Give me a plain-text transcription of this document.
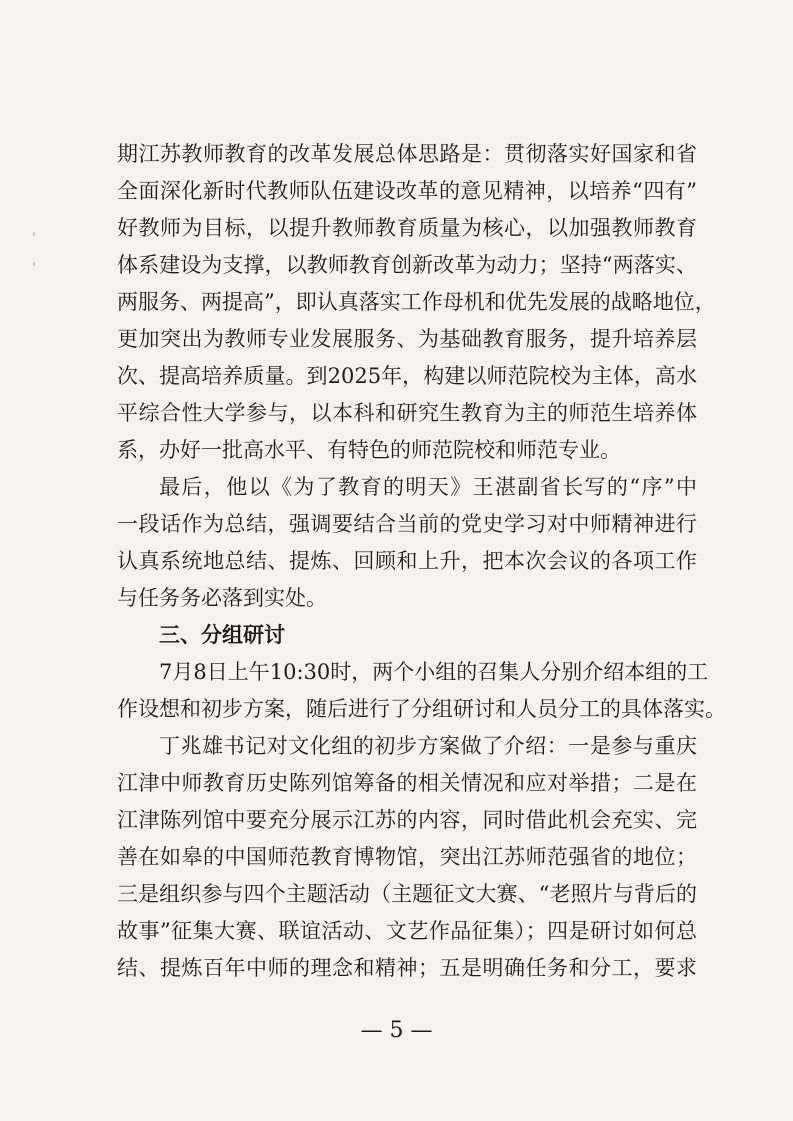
期江苏教师教育的改革发展总体思路是：贯彻落实好国家和省
全面深化新时代教师队伍建设改革的意见精神，以培养“四有”
好教师为目标，以提升教师教育质量为核心，以加强教师教育
体系建设为支撑，以教师教育创新改革为动力；坚持“两落实、
两服务、两提高”，即认真落实工作母机和优先发展的战略地位，
更加突出为教师专业发展服务、为基础教育服务，提升培养层
次、提高培养质量。到2025年，构建以师范院校为主体，高水
平综合性大学参与，以本科和研究生教育为主的师范生培养体
系，办好一批高水平、有特色的师范院校和师范专业。
最后，他以《为了教育的明天》王湛副省长写的“序”中
一段话作为总结，强调要结合当前的党史学习对中师精神进行
认真系统地总结、提炼、回顾和上升，把本次会议的各项工作
与任务务必落到实处。
三、分组研讨
7月8日上午10:30时，两个小组的召集人分别介绍本组的工
作设想和初步方案，随后进行了分组研讨和人员分工的具体落实。
丁兆雄书记对文化组的初步方案做了介绍：一是参与重庆
江津中师教育历史陈列馆筹备的相关情况和应对举措；二是在
江津陈列馆中要充分展示江苏的内容，同时借此机会充实、完
善在如皋的中国师范教育博物馆，突出江苏师范强省的地位；
三是组织参与四个主题活动（主题征文大赛、“老照片与背后的
故事”征集大赛、联谊活动、文艺作品征集）；四是研讨如何总
结、提炼百年中师的理念和精神；五是明确任务和分工，要求
— 5 —
